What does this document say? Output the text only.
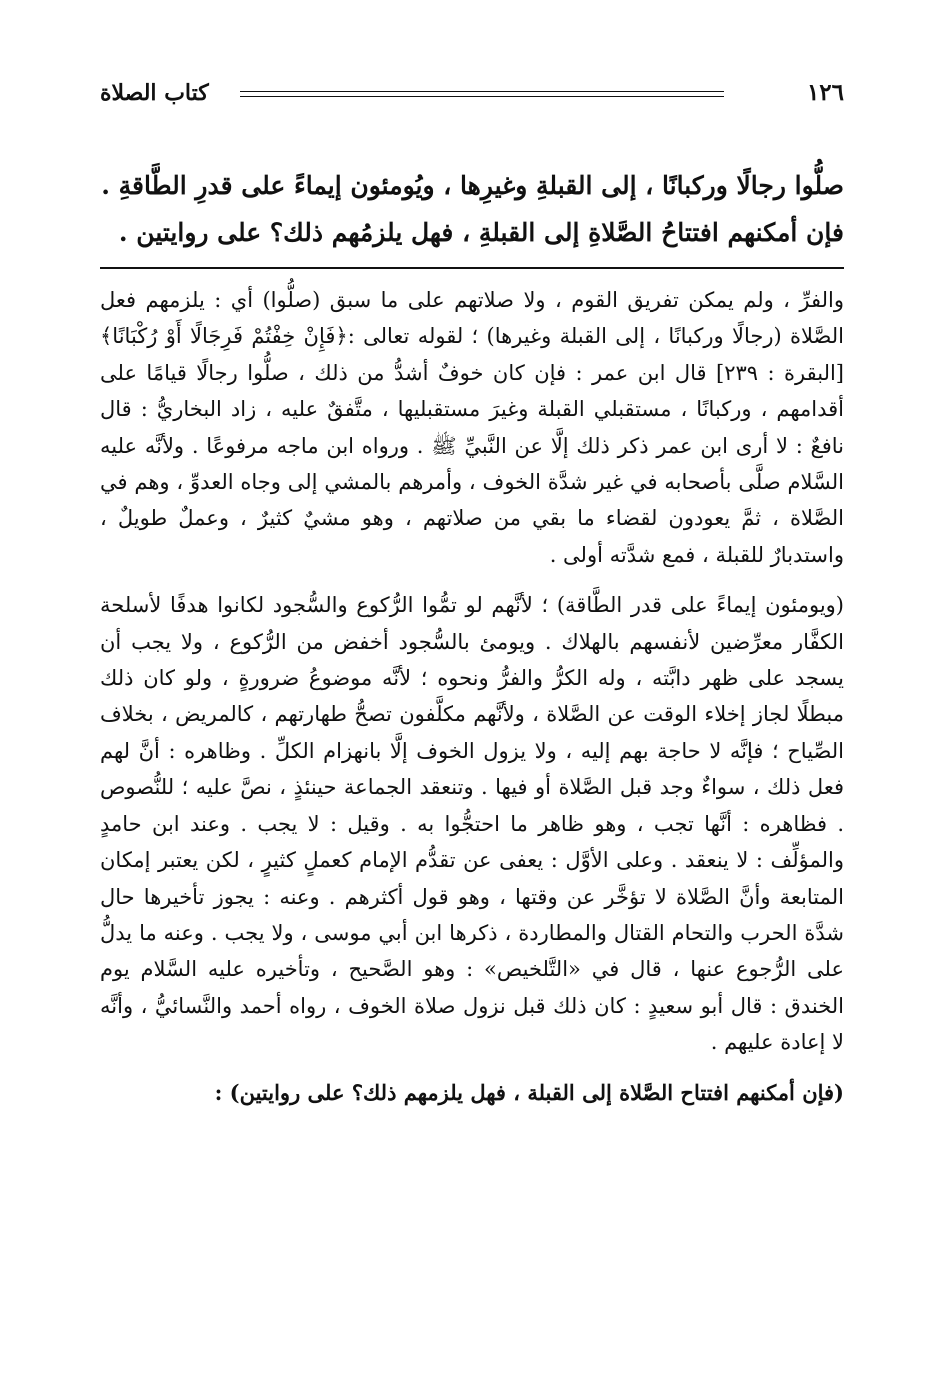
كتاب الصلاة	١٢٦

صلُّوا رجالًا وركبانًا ، إلى القبلةِ وغيرِها ، ويُومئون إيماءً على قدرِ الطَّاقةِ .

فإن أمكنهم افتتاحُ الصَّلاةِ إلى القبلةِ ، فهل يلزمُهم ذلك؟ على روايتين .

والفرِّ ، ولم يمكن تفريق القوم ، ولا صلاتهم على ما سبق (صلُّوا) أي : يلزمهم فعل الصَّلاة (رجالًا وركبانًا ، إلى القبلة وغيرها) ؛ لقوله تعالى :﴿فَإِنْ خِفْتُمْ فَرِجَالًا أَوْ رُكْبَانًا﴾ [البقرة : ٢٣٩] قال ابن عمر : فإن كان خوفٌ أشدُّ من ذلك ، صلُّوا رجالًا قيامًا على أقدامهم ، وركبانًا ، مستقبلي القبلة وغيرَ مستقبليها ، متَّفقٌ عليه ، زاد البخاريُّ : قال نافعٌ : لا أرى ابن عمر ذكر ذلك إلَّا عن النَّبيِّ ﷺ . ورواه ابن ماجه مرفوعًا . ولأنَّه عليه السَّلام صلَّى بأصحابه في غير شدَّة الخوف ، وأمرهم بالمشي إلى وجاه العدوِّ ، وهم في الصَّلاة ، ثمَّ يعودون لقضاء ما بقي من صلاتهم ، وهو مشيٌ كثيرٌ ، وعملٌ طويلٌ ، واستدبارٌ للقبلة ، فمع شدَّته أولى .

(ويومئون إيماءً على قدر الطَّاقة) ؛ لأنَّهم لو تمُّوا الرُّكوع والسُّجود لكانوا هدفًا لأسلحة الكفَّار معرِّضين لأنفسهم بالهلاك . ويومئ بالسُّجود أخفض من الرُّكوع ، ولا يجب أن يسجد على ظهر دابَّته ، وله الكرُّ والفرُّ ونحوه ؛ لأنَّه موضوعُ ضرورةٍ ، ولو كان ذلك مبطلًا لجاز إخلاء الوقت عن الصَّلاة ، ولأنَّهم مكلَّفون تصحُّ طهارتهم ، كالمريض ، بخلاف الصِّياح ؛ فإنَّه لا حاجة بهم إليه ، ولا يزول الخوف إلَّا بانهزام الكلِّ . وظاهره : أنَّ لهم فعل ذلك ، سواءٌ وجد قبل الصَّلاة أو فيها . وتنعقد الجماعة حينئذٍ ، نصَّ عليه ؛ للنُّصوص . فظاهره : أنَّها تجب ، وهو ظاهر ما احتجُّوا به . وقيل : لا يجب . وعند ابن حامدٍ والمؤلِّف : لا ينعقد . وعلى الأوَّل : يعفى عن تقدُّم الإمام كعملٍ كثيرٍ ، لكن يعتبر إمكان المتابعة وأنَّ الصَّلاة لا تؤخَّر عن وقتها ، وهو قول أكثرهم . وعنه : يجوز تأخيرها حال شدَّة الحرب والتحام القتال والمطاردة ، ذكرها ابن أبي موسى ، ولا يجب . وعنه ما يدلُّ على الرُّجوع عنها ، قال في «التَّلخيص» : وهو الصَّحيح ، وتأخيره عليه السَّلام يوم الخندق : قال أبو سعيدٍ : كان ذلك قبل نزول صلاة الخوف ، رواه أحمد والنَّسائيُّ ، وأنَّه لا إعادة عليهم .

(فإن أمكنهم افتتاح الصَّلاة إلى القبلة ، فهل يلزمهم ذلك؟ على روايتين) :
